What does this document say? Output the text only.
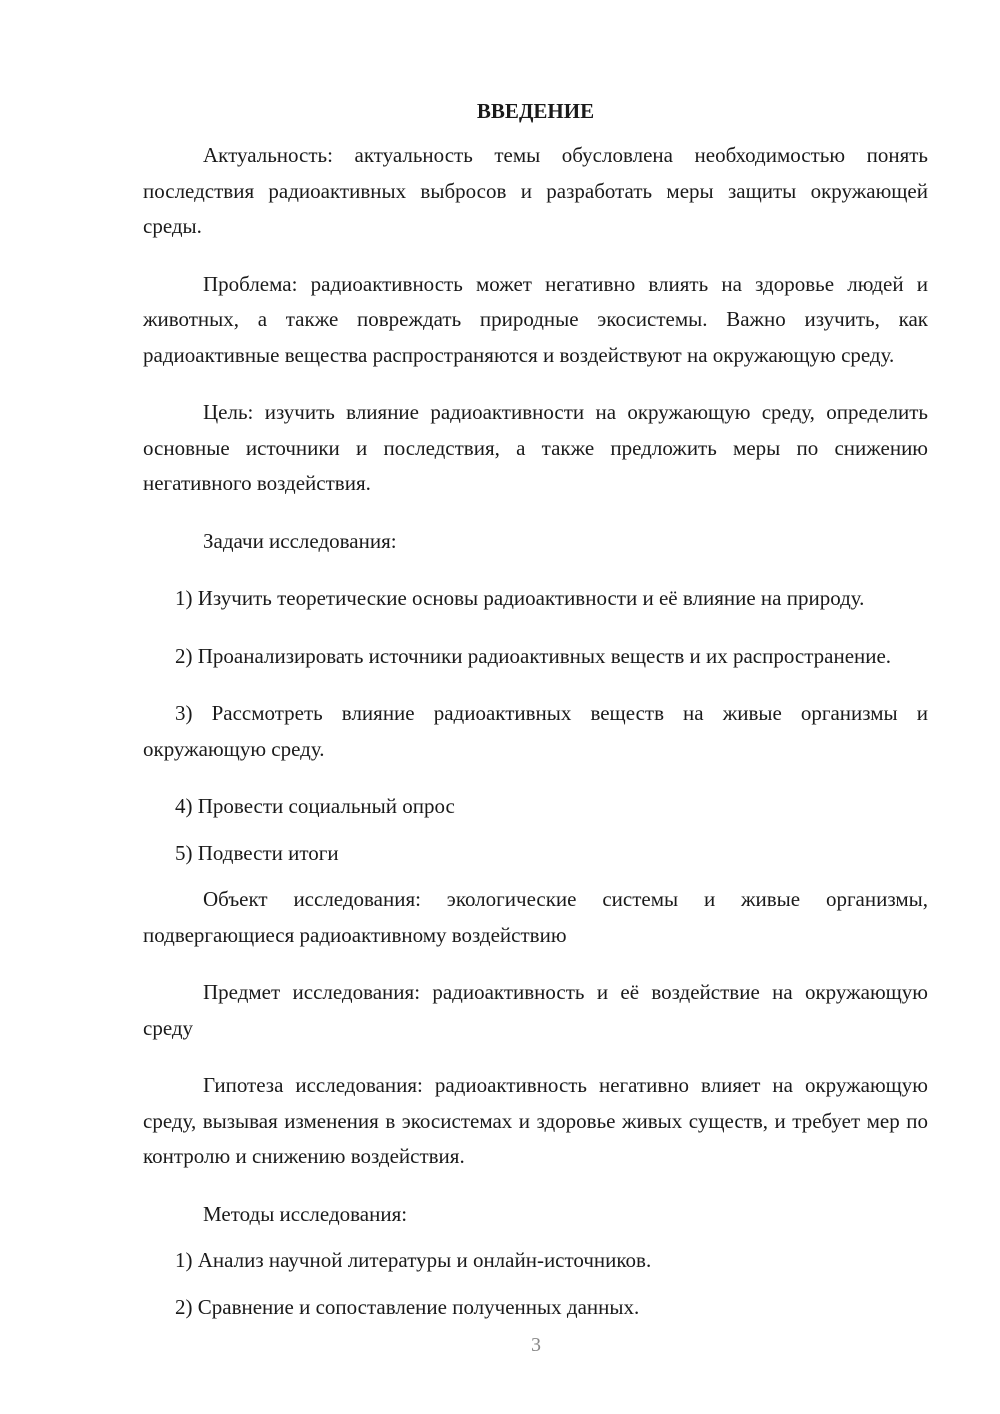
ВВЕДЕНИЕ

Актуальность: актуальность темы обусловлена необходимостью понять последствия радиоактивных выбросов и разработать меры защиты окружающей среды.

Проблема: радиоактивность может негативно влиять на здоровье людей и животных, а также повреждать природные экосистемы. Важно изучить, как радиоактивные вещества распространяются и воздействуют на окружающую среду.

Цель: изучить влияние радиоактивности на окружающую среду, определить основные источники и последствия, а также предложить меры по снижению негативного воздействия.

Задачи исследования:

1) Изучить теоретические основы радиоактивности и её влияние на природу.

2) Проанализировать источники радиоактивных веществ и их распространение.

3) Рассмотреть влияние радиоактивных веществ на живые организмы и окружающую среду.

4) Провести социальный опрос

5) Подвести итоги

Объект исследования: экологические системы и живые организмы, подвергающиеся радиоактивному воздействию

Предмет исследования: радиоактивность и её воздействие на окружающую среду

Гипотеза исследования: радиоактивность негативно влияет на окружающую среду, вызывая изменения в экосистемах и здоровье живых существ, и требует мер по контролю и снижению воздействия.

Методы исследования:

1) Анализ научной литературы и онлайн-источников.

2) Сравнение и сопоставление полученных данных.

3
